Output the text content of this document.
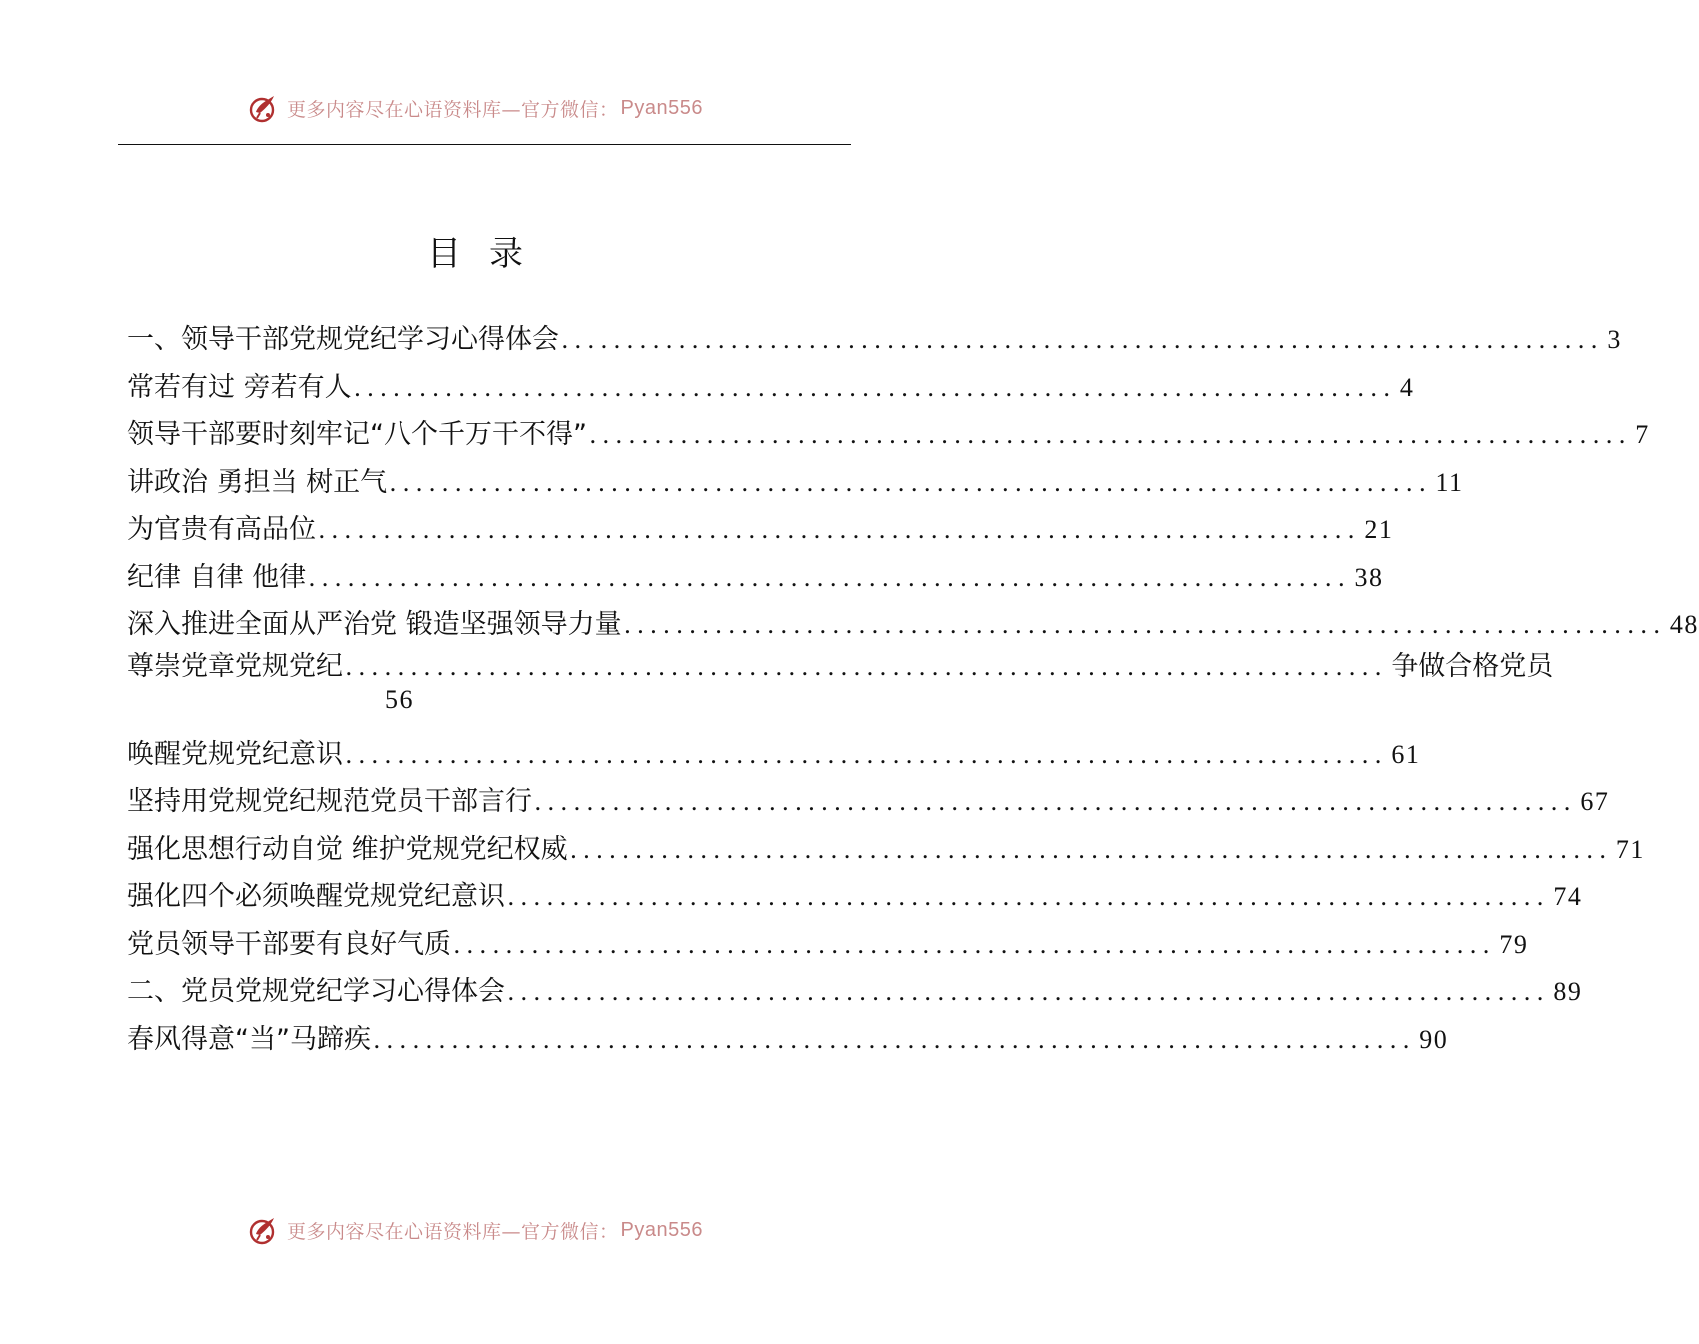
更多内容尽在心语资料库—官方微信： Pyan556
目录
一、领导干部党规党纪学习心得体会 ................................................................................ 3
常若有过 旁若有人 ................................................................................ 4
领导干部要时刻牢记“八个千万干不得” ................................................................................ 7
讲政治 勇担当 树正气 ................................................................................ 11
为官贵有高品位 ................................................................................ 21
纪律 自律 他律 ................................................................................ 38
深入推进全面从严治党 锻造坚强领导力量 ................................................................................ 48
尊崇党章党规党纪 ................................................................................ 争做合格党员
56
唤醒党规党纪意识 ................................................................................ 61
坚持用党规党纪规范党员干部言行 ................................................................................ 67
强化思想行动自觉 维护党规党纪权威 ................................................................................ 71
强化四个必须唤醒党规党纪意识 ................................................................................ 74
党员领导干部要有良好气质 ................................................................................ 79
二、党员党规党纪学习心得体会 ................................................................................ 89
春风得意“当”马蹄疾 ................................................................................ 90
更多内容尽在心语资料库—官方微信： Pyan556
